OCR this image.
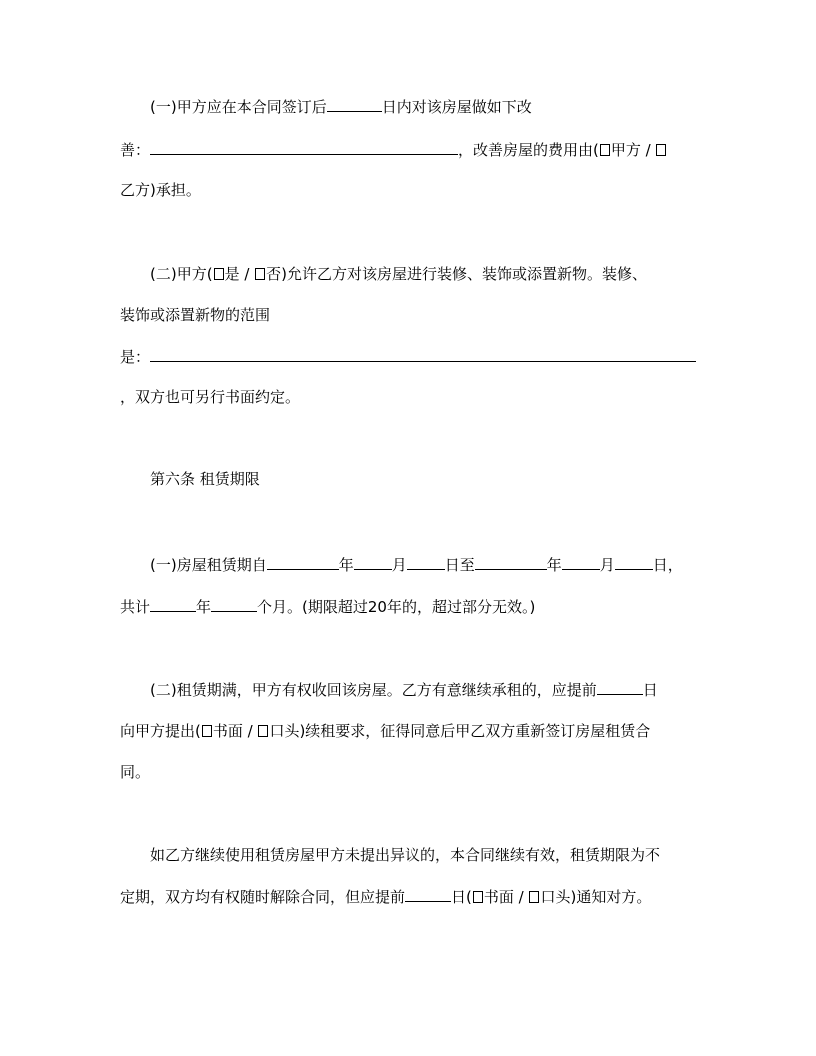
(一)甲方应在本合同签订后	日内对该房屋做如下改
善：	，改善房屋的费用由( 甲方 /
乙方)承担。
(二)甲方( 是 / 否)允许乙方对该房屋进行装修、装饰或添置新物。装修、
装饰或添置新物的范围
是：
，双方也可另行书面约定。
第六条 租赁期限
(一)房屋租赁期自	年	月	日至	年	月	日，
共计	年	个月。(期限超过20年的，超过部分无效。)
(二)租赁期满，甲方有权收回该房屋。乙方有意继续承租的，应提前	日
向甲方提出( 书面 / 口头)续租要求，征得同意后甲乙双方重新签订房屋租赁合
同。
如乙方继续使用租赁房屋甲方未提出异议的，本合同继续有效，租赁期限为不
定期，双方均有权随时解除合同，但应提前	日( 书面 / 口头)通知对方。
